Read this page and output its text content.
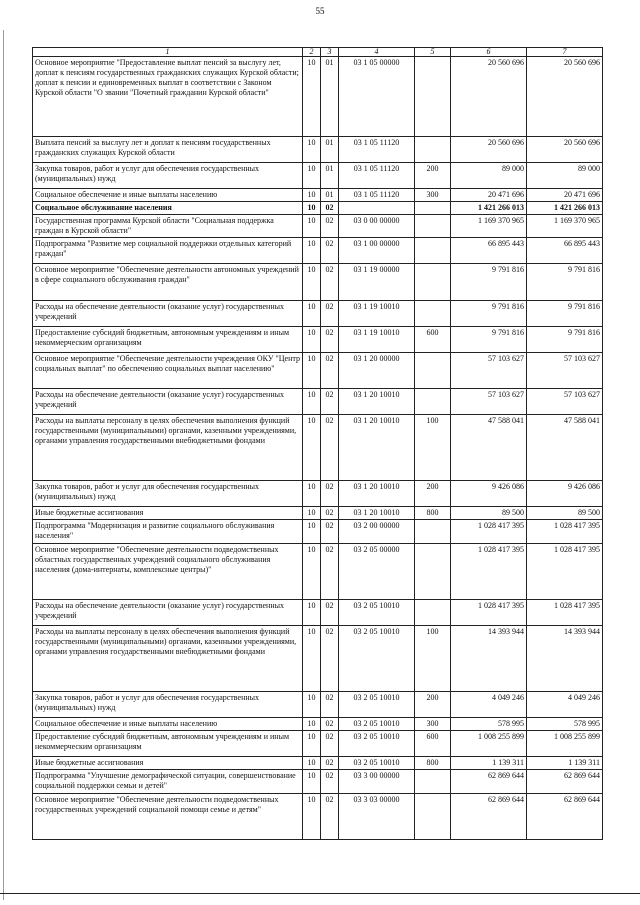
55
1	2	3	4	5	6	7
Основное мероприятие "Предоставление выплат пенсий за выслугу лет, доплат к пенсиям государственных гражданских служащих Курской области; доплат к пенсии и единовременных выплат в соответствии с Законом Курской области "О звании "Почетный гражданин Курской области"	10	01	03 1 05 00000		20 560 696	20 560 696
Выплата пенсий за выслугу лет и доплат к пенсиям государственных гражданских служащих Курской области	10	01	03 1 05 11120		20 560 696	20 560 696
Закупка товаров, работ и услуг для обеспечения государственных (муниципальных) нужд	10	01	03 1 05 11120	200	89 000	89 000
Социальное обеспечение и иные выплаты населению	10	01	03 1 05 11120	300	20 471 696	20 471 696
Социальное обслуживание населения	10	02			1 421 266 013	1 421 266 013
Государственная программа Курской области "Социальная поддержка граждан в Курской области"	10	02	03 0 00 00000		1 169 370 965	1 169 370 965
Подпрограмма "Развитие мер социальной поддержки отдельных категорий граждан"	10	02	03 1 00 00000		66 895 443	66 895 443
Основное мероприятие "Обеспечение деятельности автономных учреждений в сфере социального обслуживания граждан"	10	02	03 1 19 00000		9 791 816	9 791 816
Расходы на обеспечение деятельности (оказание услуг) государственных учреждений	10	02	03 1 19 10010		9 791 816	9 791 816
Предоставление субсидий бюджетным, автономным учреждениям и иным некоммерческим организациям	10	02	03 1 19 10010	600	9 791 816	9 791 816
Основное мероприятие "Обеспечение деятельности учреждения ОКУ "Центр социальных выплат" по обеспечению социальных выплат населению"	10	02	03 1 20 00000		57 103 627	57 103 627
Расходы на обеспечение деятельности (оказание услуг) государственных учреждений	10	02	03 1 20 10010		57 103 627	57 103 627
Расходы на выплаты персоналу в целях обеспечения выполнения функций государственными (муниципальными) органами, казенными учреждениями, органами управления государственными внебюджетными фондами	10	02	03 1 20 10010	100	47 588 041	47 588 041
Закупка товаров, работ и услуг для обеспечения государственных (муниципальных) нужд	10	02	03 1 20 10010	200	9 426 086	9 426 086
Иные бюджетные ассигнования	10	02	03 1 20 10010	800	89 500	89 500
Подпрограмма "Модернизация и развитие социального обслуживания населения"	10	02	03 2 00 00000		1 028 417 395	1 028 417 395
Основное мероприятие "Обеспечение деятельности подведомственных областных государственных учреждений социального обслуживания населения (дома-интернаты, комплексные центры)"	10	02	03 2 05 00000		1 028 417 395	1 028 417 395
Расходы на обеспечение деятельности (оказание услуг) государственных учреждений	10	02	03 2 05 10010		1 028 417 395	1 028 417 395
Расходы на выплаты персоналу в целях обеспечения выполнения функций государственными (муниципальными) органами, казенными учреждениями, органами управления государственными внебюджетными фондами	10	02	03 2 05 10010	100	14 393 944	14 393 944
Закупка товаров, работ и услуг для обеспечения государственных (муниципальных) нужд	10	02	03 2 05 10010	200	4 049 246	4 049 246
Социальное обеспечение и иные выплаты населению	10	02	03 2 05 10010	300	578 995	578 995
Предоставление субсидий бюджетным, автономным учреждениям и иным некоммерческим организациям	10	02	03 2 05 10010	600	1 008 255 899	1 008 255 899
Иные бюджетные ассигнования	10	02	03 2 05 10010	800	1 139 311	1 139 311
Подпрограмма "Улучшение демографической ситуации, совершенствование социальной поддержки семьи и детей"	10	02	03 3 00 00000		62 869 644	62 869 644
Основное мероприятие "Обеспечение деятельности подведомственных государственных учреждений социальной помощи семье и детям"	10	02	03 3 03 00000		62 869 644	62 869 644
